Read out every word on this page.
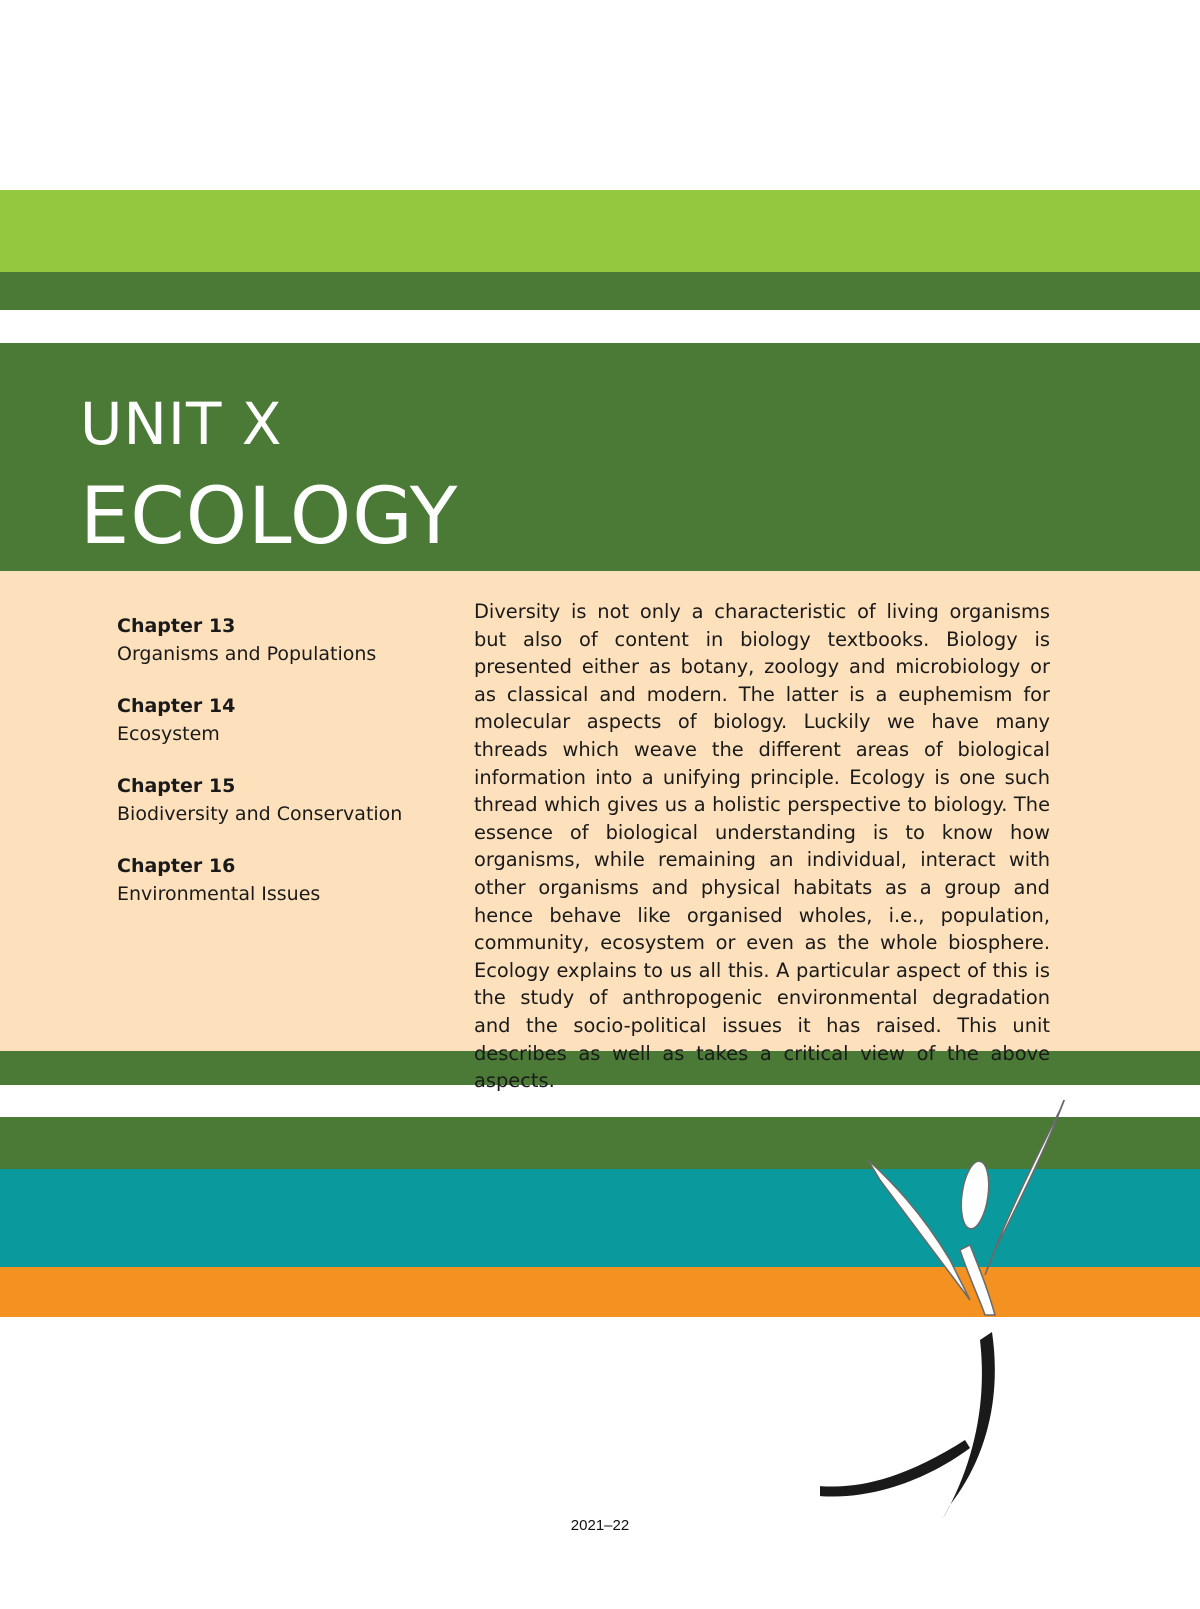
UNIT X
ECOLOGY
Chapter 13
Organisms and Populations
Chapter 14
Ecosystem
Chapter 15
Biodiversity and Conservation
Chapter 16
Environmental Issues

Diversity is not only a characteristic of living organisms but also of content in biology textbooks. Biology is presented either as botany, zoology and microbiology or as classical and modern. The latter is a euphemism for molecular aspects of biology. Luckily we have many threads which weave the different areas of biological information into a unifying principle. Ecology is one such thread which gives us a holistic perspective to biology. The essence of biological understanding is to know how organisms, while remaining an individual, interact with other organisms and physical habitats as a group and hence behave like organised wholes, i.e., population, community, ecosystem or even as the whole biosphere. Ecology explains to us all this. A particular aspect of this is the study of anthropogenic environmental degradation and the socio-political issues it has raised. This unit describes as well as takes a critical view of the above aspects.

2021–22
